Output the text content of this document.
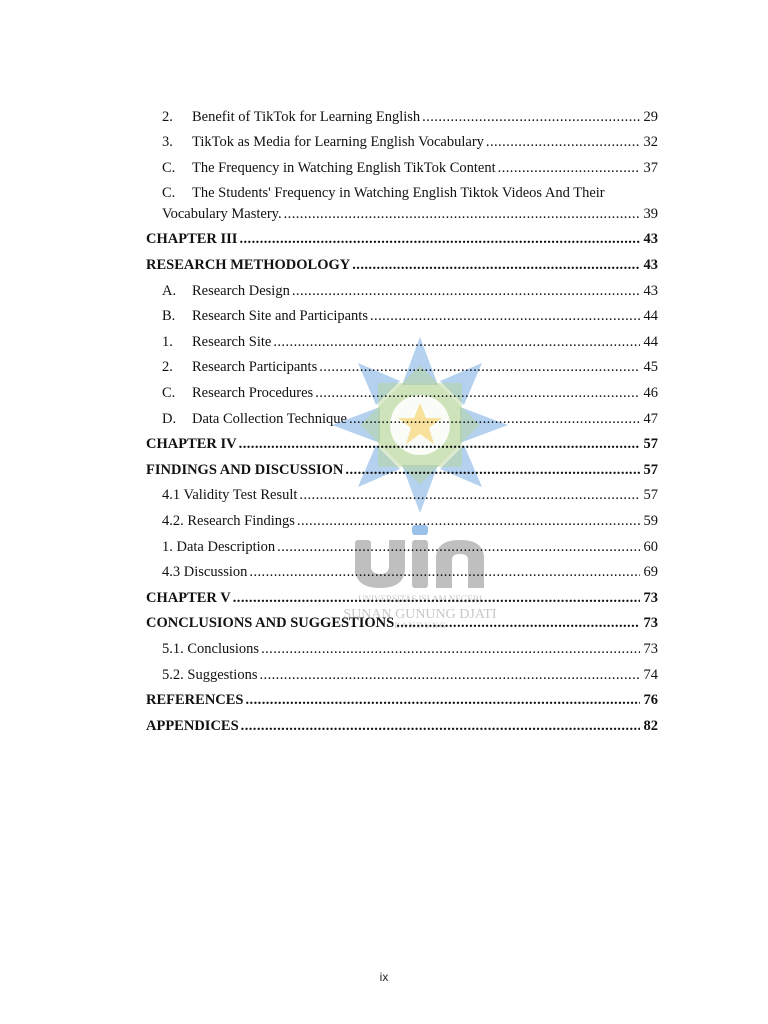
UNIVERSITAS ISLAM NEGERI
SUNAN GUNUNG DJATI
B A N D U N G
2.	Benefit of TikTok for Learning English . . .	29
3.	TikTok as Media for Learning English Vocabulary . . .	32
C.	The Frequency in Watching English TikTok Content . . .	37
C.	The Students' Frequency in Watching English Tiktok Videos And Their
Vocabulary Mastery. . . .	39
CHAPTER III . . .	43
RESEARCH METHODOLOGY . . .	43
A.	Research Design . . .	43
B.	Research Site and Participants . . .	44
1.	Research Site . . .	44
2.	Research Participants . . .	45
C.	Research Procedures . . .	46
D.	Data Collection Technique . . .	47
CHAPTER IV . . .	57
FINDINGS AND DISCUSSION . . .	57
4.1 Validity Test Result . . .	57
4.2. Research Findings . . .	59
1. Data Description . . .	60
4.3 Discussion . . .	69
CHAPTER V . . .	73
CONCLUSIONS AND SUGGESTIONS . . .	73
5.1. Conclusions . . .	73
5.2. Suggestions . . .	74
REFERENCES . . .	76
APPENDICES . . .	82
ix
